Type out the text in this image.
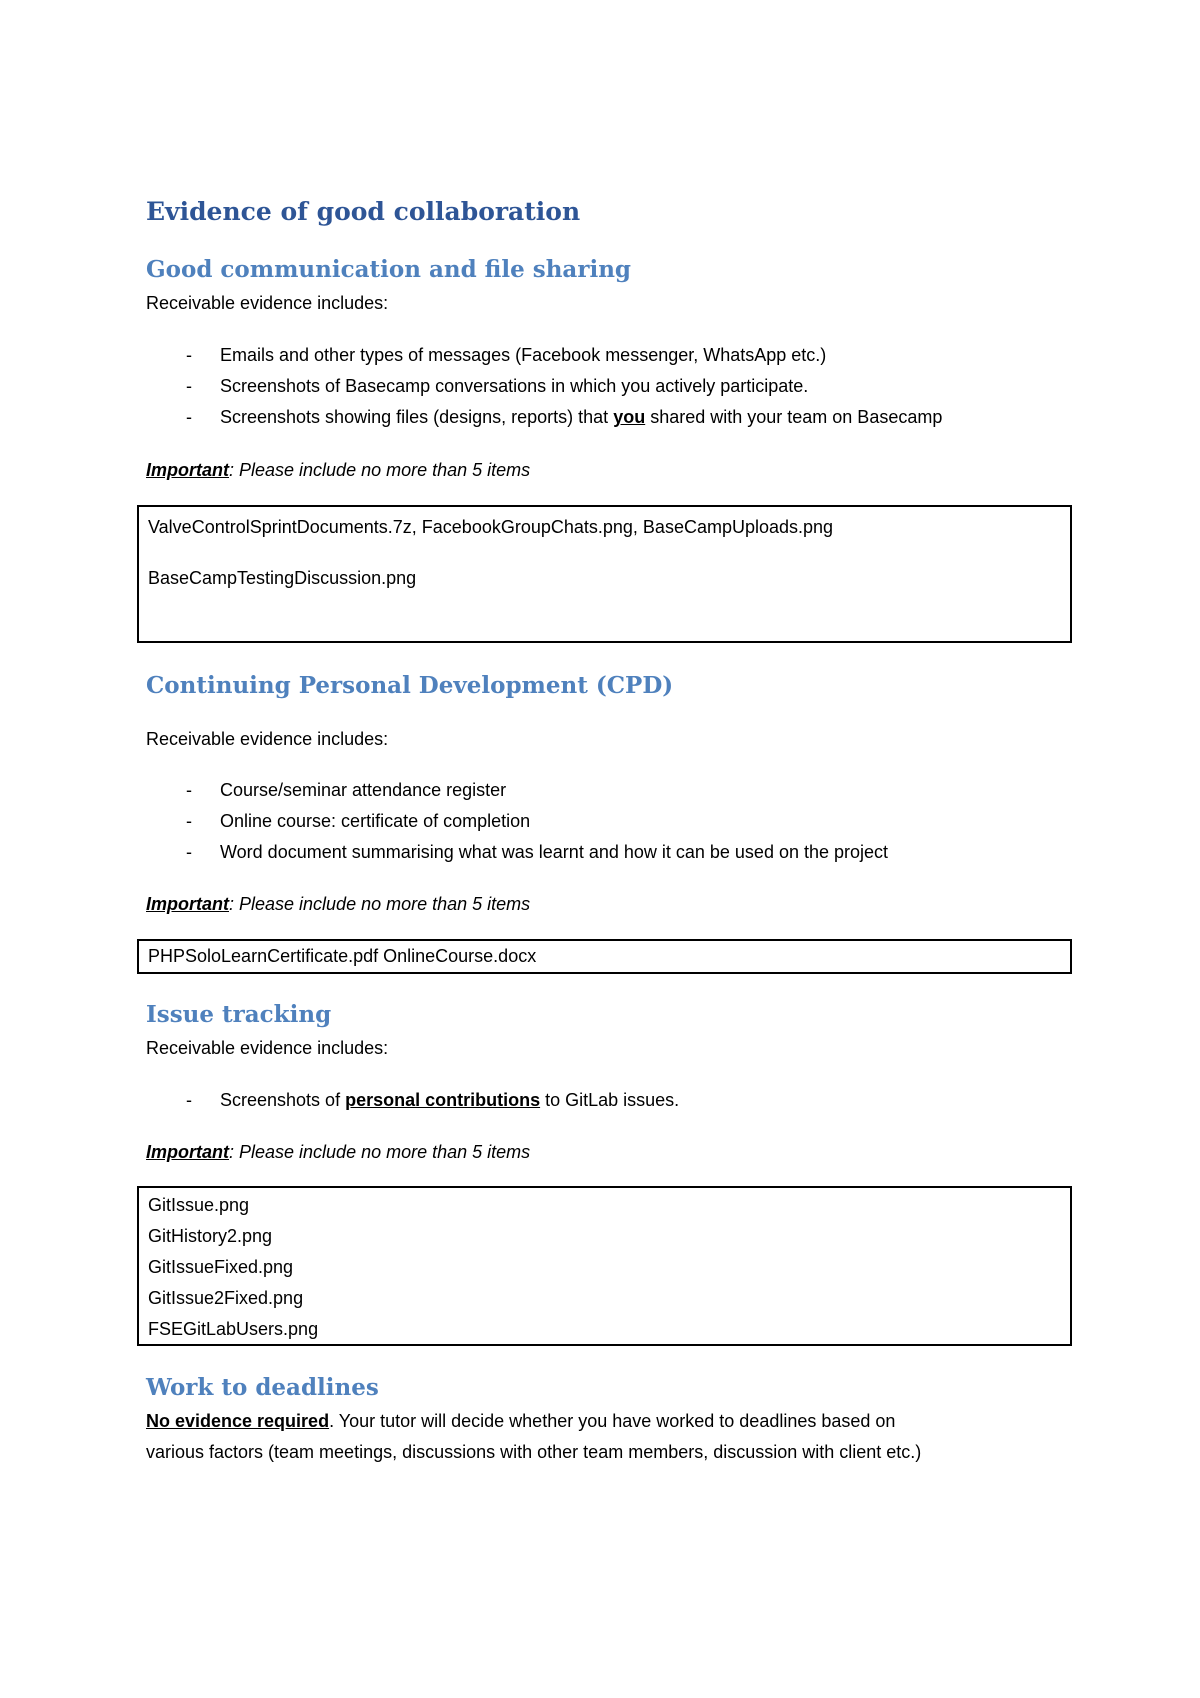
Evidence of good collaboration
Good communication and file sharing
Receivable evidence includes:
- Emails and other types of messages (Facebook messenger, WhatsApp etc.)
- Screenshots of Basecamp conversations in which you actively participate.
- Screenshots showing files (designs, reports) that you shared with your team on Basecamp
Important: Please include no more than 5 items
ValveControlSprintDocuments.7z, FacebookGroupChats.png, BaseCampUploads.png
BaseCampTestingDiscussion.png
Continuing Personal Development (CPD)
Receivable evidence includes:
- Course/seminar attendance register
- Online course: certificate of completion
- Word document summarising what was learnt and how it can be used on the project
Important: Please include no more than 5 items
PHPSoloLearnCertificate.pdf OnlineCourse.docx
Issue tracking
Receivable evidence includes:
- Screenshots of personal contributions to GitLab issues.
Important: Please include no more than 5 items
GitIssue.png
GitHistory2.png
GitIssueFixed.png
GitIssue2Fixed.png
FSEGitLabUsers.png
Work to deadlines
No evidence required. Your tutor will decide whether you have worked to deadlines based on
various factors (team meetings, discussions with other team members, discussion with client etc.)
